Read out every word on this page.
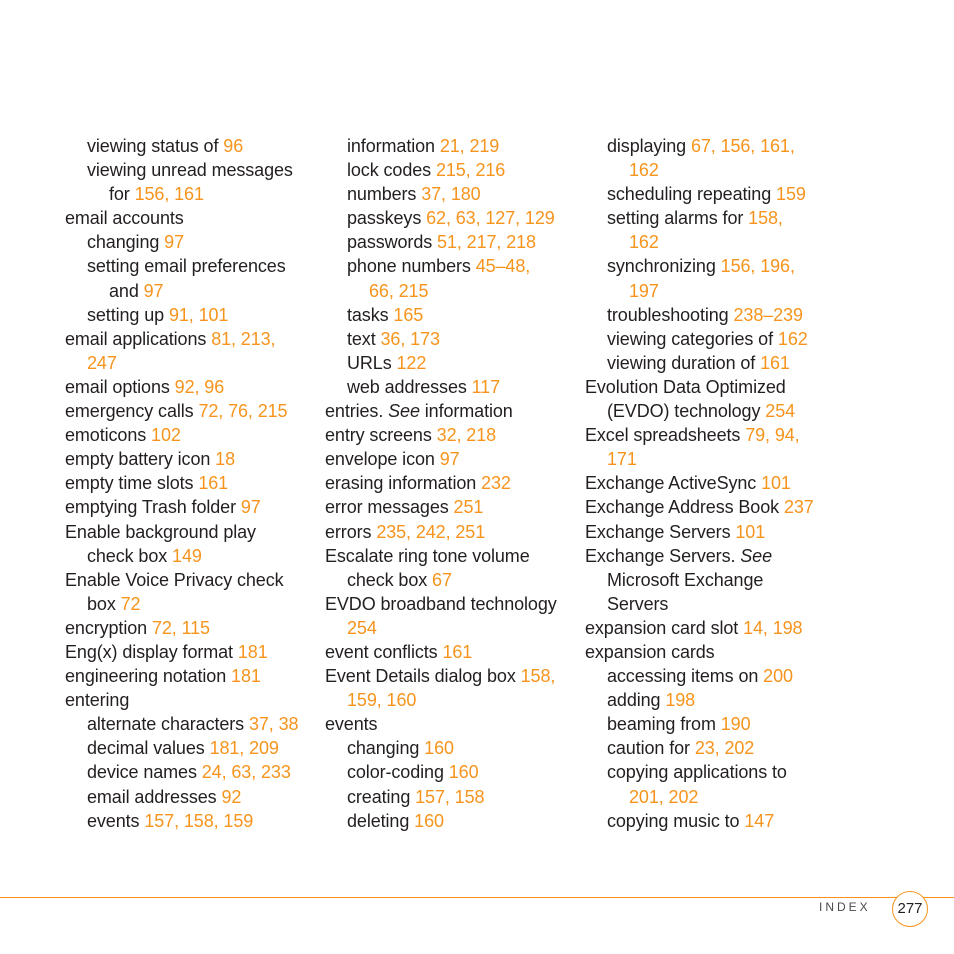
viewing status of 96
viewing unread messages
for 156, 161
email accounts
changing 97
setting email preferences
and 97
setting up 91, 101
email applications 81, 213,
247
email options 92, 96
emergency calls 72, 76, 215
emoticons 102
empty battery icon 18
empty time slots 161
emptying Trash folder 97
Enable background play
check box 149
Enable Voice Privacy check
box 72
encryption 72, 115
Eng(x) display format 181
engineering notation 181
entering
alternate characters 37, 38
decimal values 181, 209
device names 24, 63, 233
email addresses 92
events 157, 158, 159
information 21, 219
lock codes 215, 216
numbers 37, 180
passkeys 62, 63, 127, 129
passwords 51, 217, 218
phone numbers 45–48,
66, 215
tasks 165
text 36, 173
URLs 122
web addresses 117
entries. See information
entry screens 32, 218
envelope icon 97
erasing information 232
error messages 251
errors 235, 242, 251
Escalate ring tone volume
check box 67
EVDO broadband technology
254
event conflicts 161
Event Details dialog box 158,
159, 160
events
changing 160
color-coding 160
creating 157, 158
deleting 160
displaying 67, 156, 161,
162
scheduling repeating 159
setting alarms for 158,
162
synchronizing 156, 196,
197
troubleshooting 238–239
viewing categories of 162
viewing duration of 161
Evolution Data Optimized
(EVDO) technology 254
Excel spreadsheets 79, 94,
171
Exchange ActiveSync 101
Exchange Address Book 237
Exchange Servers 101
Exchange Servers. See
Microsoft Exchange
Servers
expansion card slot 14, 198
expansion cards
accessing items on 200
adding 198
beaming from 190
caution for 23, 202
copying applications to
201, 202
copying music to 147
INDEX	277
